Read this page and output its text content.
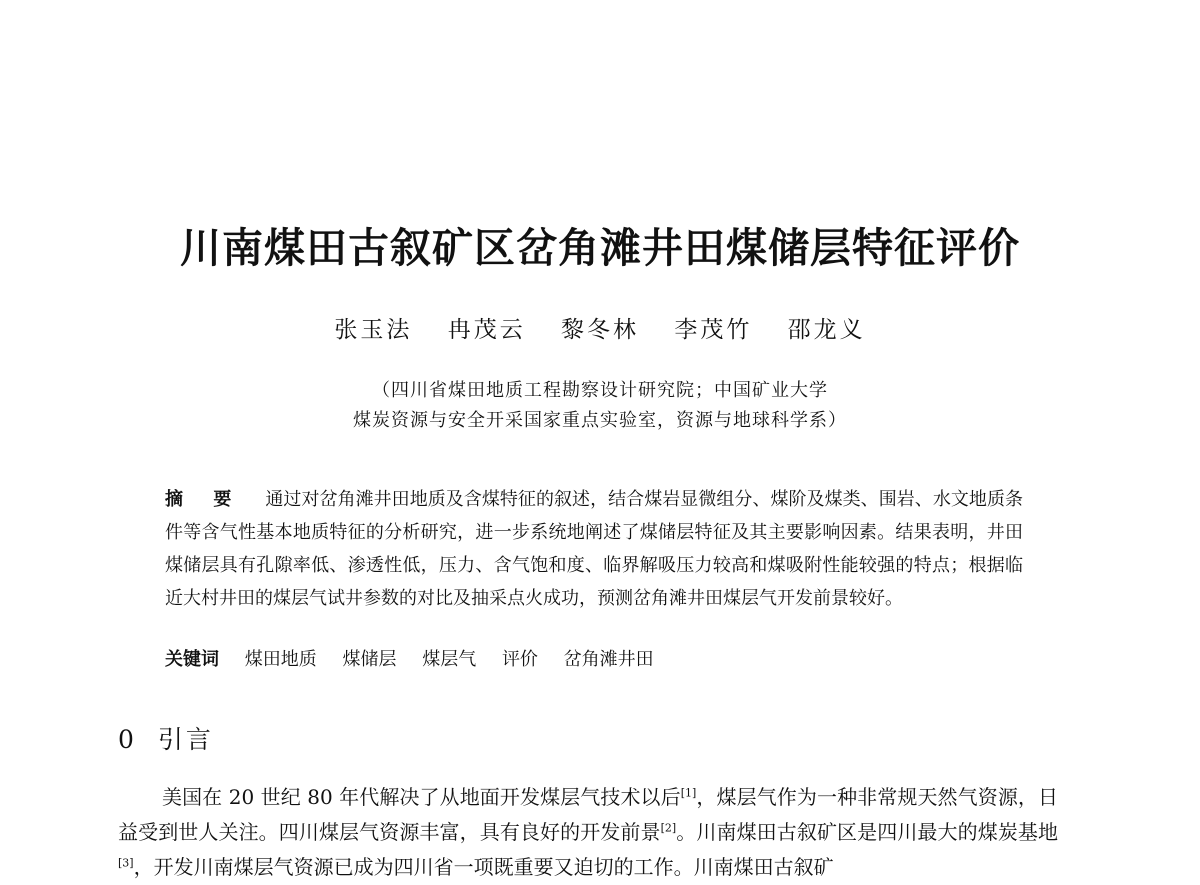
川南煤田古叙矿区岔角滩井田煤储层特征评价
张玉法 冉茂云 黎冬林 李茂竹 邵龙义
（四川省煤田地质工程勘察设计研究院；中国矿业大学
煤炭资源与安全开采国家重点实验室，资源与地球科学系）
摘 要 通过对岔角滩井田地质及含煤特征的叙述，结合煤岩显微组分、煤阶及煤类、围岩、水文地质条件等含气性基本地质特征的分析研究，进一步系统地阐述了煤储层特征及其主要影响因素。结果表明，井田煤储层具有孔隙率低、渗透性低，压力、含气饱和度、临界解吸压力较高和煤吸附性能较强的特点；根据临近大村井田的煤层气试井参数的对比及抽采点火成功，预测岔角滩井田煤层气开发前景较好。
关键词 煤田地质 煤储层 煤层气 评价 岔角滩井田
0 引言

美国在 20 世纪 80 年代解决了从地面开发煤层气技术以后[1]，煤层气作为一种非常规天然气资源，日益受到世人关注。四川煤层气资源丰富，具有良好的开发前景[2]。川南煤田古叙矿区是四川最大的煤炭基地[3]，开发川南煤层气资源已成为四川省一项既重要又迫切的工作。川南煤田古叙矿
